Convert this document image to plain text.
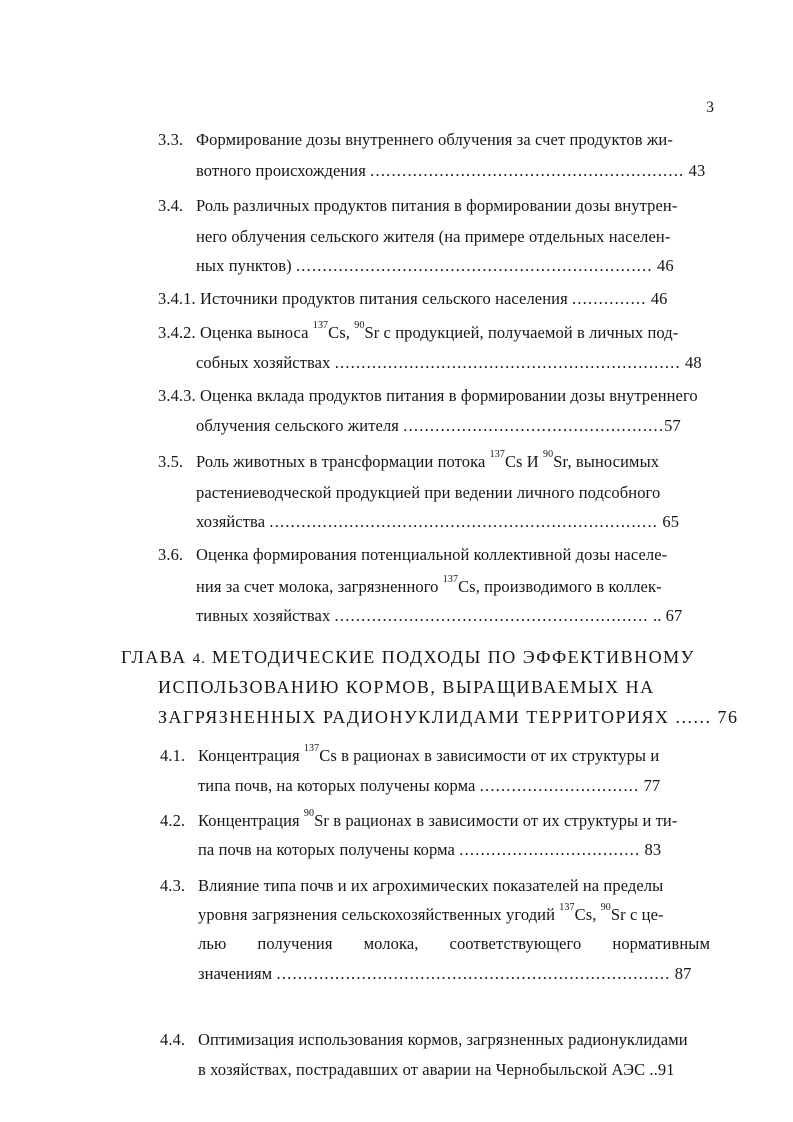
3
3.3. Формирование дозы внутреннего облучения за счет продуктов жи-
вотного происхождения ........................................................... 43
3.4. Роль различных продуктов питания в формировании дозы внутрен-
него облучения сельского жителя (на примере отдельных населен-
ных пунктов) ................................................................... 46
3.4.1. Источники продуктов питания сельского населения .............. 46
3.4.2. Оценка выноса $^{137}$Cs, $^{90}$Sr с продукцией, получаемой в личных под-
собных хозяйствах ................................................................. 48
3.4.3. Оценка вклада продуктов питания в формировании дозы внутреннего
облучения сельского жителя .................................................57
3.5. Роль животных в трансформации потока $^{137}$Cs И $^{90}$Sr, выносимых
растениеводческой продукцией при ведении личного подсобного
хозяйства ......................................................................... 65
3.6. Оценка формирования потенциальной коллективной дозы населе-
ния за счет молока, загрязненного $^{137}$Cs, производимого в коллек-
тивных хозяйствах ........................................................... .. 67
ГЛАВА 4. МЕТОДИЧЕСКИЕ ПОДХОДЫ ПО ЭФФЕКТИВНОМУ
ИСПОЛЬЗОВАНИЮ КОРМОВ, ВЫРАЩИВАЕМЫХ НА
ЗАГРЯЗНЕННЫХ РАДИОНУКЛИДАМИ ТЕРРИТОРИЯХ ...... 76
4.1. Концентрация $^{137}$Cs в рационах в зависимости от их структуры и
типа почв, на которых получены корма .............................. 77
4.2. Концентрация $^{90}$Sr в рационах в зависимости от их структуры и ти-
па почв на которых получены корма .................................. 83
4.3. Влияние типа почв и их агрохимических показателей на пределы
уровня загрязнения сельскохозяйственных угодий $^{137}$Cs, $^{90}$Sr с це-
лью получения молока, соответствующего нормативным
значениям .......................................................................... 87
4.4. Оптимизация использования кормов, загрязненных радионуклидами
в хозяйствах, пострадавших от аварии на Чернобыльской АЭС ..91
